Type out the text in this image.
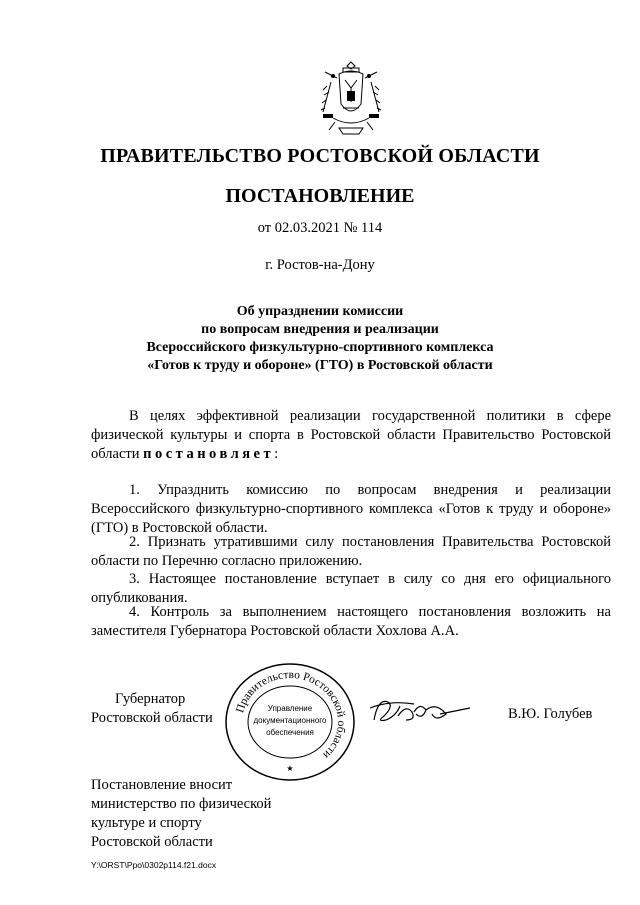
ПРАВИТЕЛЬСТВО РОСТОВСКОЙ ОБЛАСТИ
ПОСТАНОВЛЕНИЕ
от 02.03.2021 № 114
г. Ростов-на-Дону
Об упразднении комиссии
по вопросам внедрения и реализации
Всероссийского физкультурно-спортивного комплекса
«Готов к труду и обороне» (ГТО) в Ростовской области
В целях эффективной реализации государственной политики в сфере физической культуры и спорта в Ростовской области Правительство Ростовской области постановляет:
1. Упразднить комиссию по вопросам внедрения и реализации Всероссийского физкультурно-спортивного комплекса «Готов к труду и обороне» (ГТО) в Ростовской области.
2. Признать утратившими силу постановления Правительства Ростовской области по Перечню согласно приложению.
3. Настоящее постановление вступает в силу со дня его официального опубликования.
4. Контроль за выполнением настоящего постановления возложить на заместителя Губернатора Ростовской области Хохлова А.А.
Губернатор
Ростовской области
Правительство Ростовской области
Управление
документационного
обеспечения
★
В.Ю. Голубев
Постановление вносит
министерство по физической
культуре и спорту
Ростовской области
Y:\ORST\Ppo\0302p114.f21.docx
